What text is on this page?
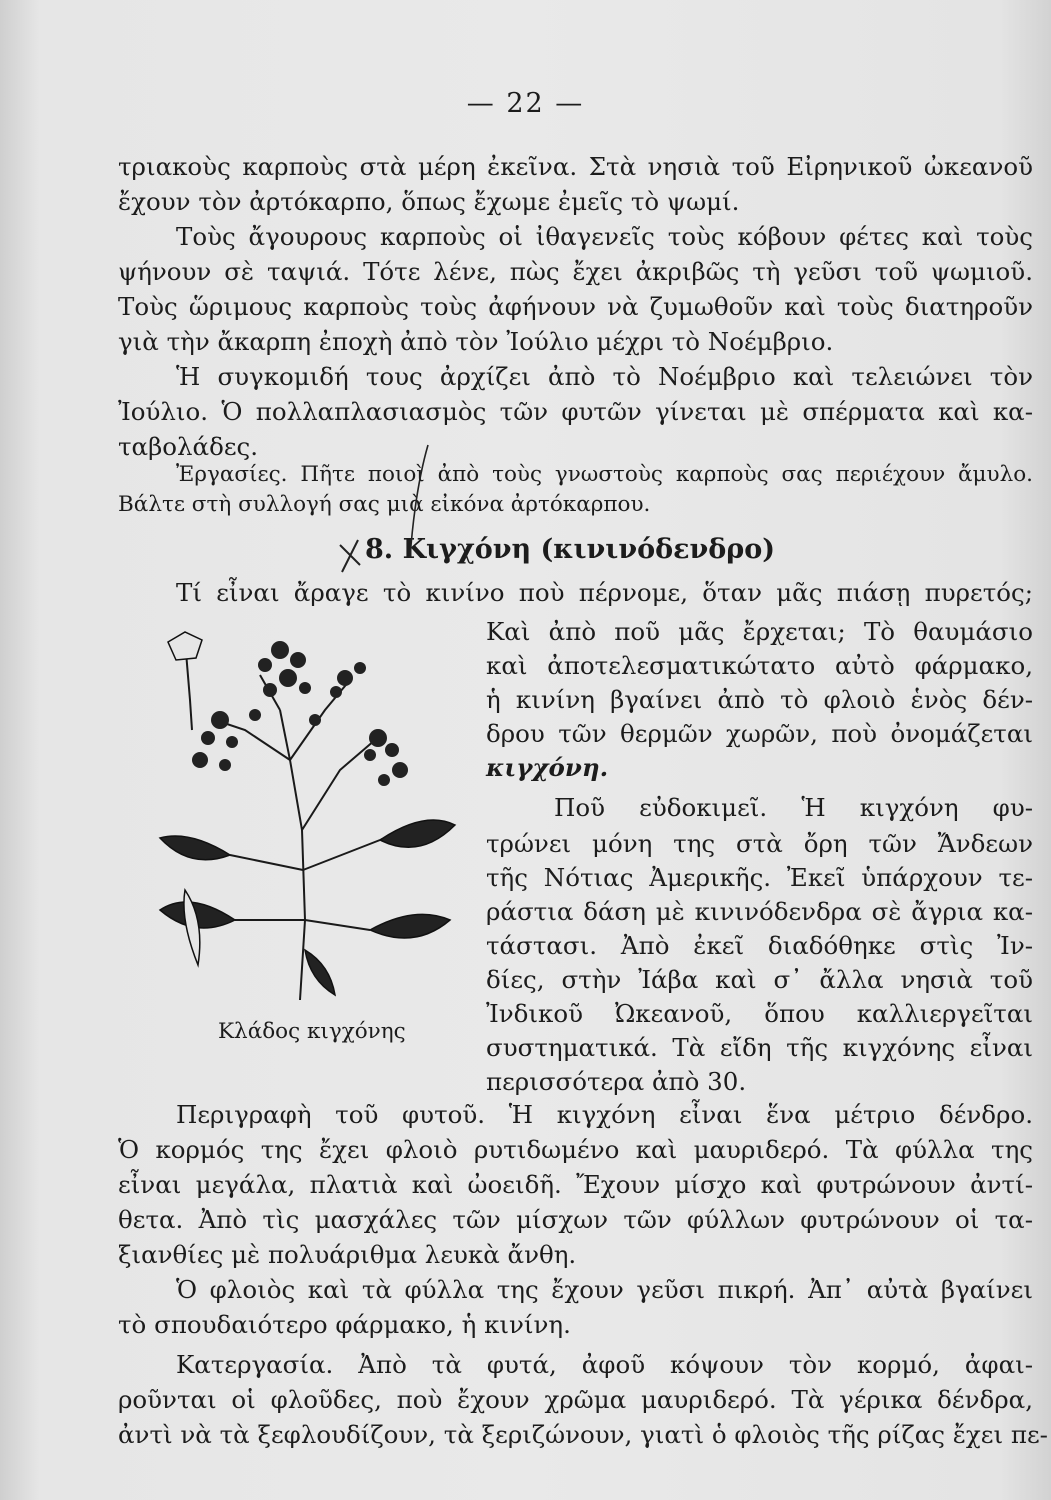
— 22 —
τριακοὺς καρποὺς στὰ μέρη ἐκεῖνα. Στὰ νησιὰ τοῦ Εἰρηνικοῦ ὠκεανοῦ
ἔχουν τὸν ἀρτόκαρπο, ὅπως ἔχωμε ἐμεῖς τὸ ψωμί.
Τοὺς ἄγουρους καρποὺς οἱ ἰθαγενεῖς τοὺς κόβουν φέτες καὶ τοὺς
ψήνουν σὲ ταψιά. Τότε λένε, πὼς ἔχει ἀκριβῶς τὴ γεῦσι τοῦ ψωμιοῦ.
Τοὺς ὥριμους καρποὺς τοὺς ἀφήνουν νὰ ζυμωθοῦν καὶ τοὺς διατηροῦν
γιὰ τὴν ἄκαρπη ἐποχὴ ἀπὸ τὸν Ἰούλιο μέχρι τὸ Νοέμβριο.
Ἡ συγκομιδή τους ἀρχίζει ἀπὸ τὸ Νοέμβριο καὶ τελειώνει τὸν
Ἰούλιο. Ὁ πολλαπλασιασμὸς τῶν φυτῶν γίνεται μὲ σπέρματα καὶ κα-
ταβολάδες.
Ἐργασίες. Πῆτε ποιοὶ ἀπὸ τοὺς γνωστοὺς καρποὺς σας περιέχουν ἄμυλο.
Βάλτε στὴ συλλογή σας μιὰ εἰκόνα ἀρτόκαρπου.
8. Κιγχόνη (κινινόδενδρο)
Τί εἶναι ἄραγε τὸ κινίνο ποὺ πέρνομε, ὅταν μᾶς πιάσῃ πυρετός;
Κλάδος κιγχόνης
Καὶ ἀπὸ ποῦ μᾶς ἔρχεται; Τὸ θαυμάσιο
καὶ ἀποτελεσματικώτατο αὐτὸ φάρμακο,
ἡ κινίνη βγαίνει ἀπὸ τὸ φλοιὸ ἑνὸς δέν-
δρου τῶν θερμῶν χωρῶν, ποὺ ὀνομάζεται
κιγχόνη.
Ποῦ εὐδοκιμεῖ. Ἡ κιγχόνη φυ-
τρώνει μόνη της στὰ ὄρη τῶν Ἄνδεων
τῆς Νότιας Ἀμερικῆς. Ἐκεῖ ὑπάρχουν τε-
ράστια δάση μὲ κινινόδενδρα σὲ ἄγρια κα-
τάστασι. Ἀπὸ ἐκεῖ διαδόθηκε στὶς Ἰν-
δίες, στὴν Ἰάβα καὶ σ᾽ ἄλλα νησιὰ τοῦ
Ἰνδικοῦ Ὠκεανοῦ, ὅπου καλλιεργεῖται
συστηματικά. Τὰ εἴδη τῆς κιγχόνης εἶναι
περισσότερα ἀπὸ 30.
Περιγραφὴ τοῦ φυτοῦ. Ἡ κιγχόνη εἶναι ἕνα μέτριο δένδρο.
Ὁ κορμός της ἔχει φλοιὸ ρυτιδωμένο καὶ μαυριδερό. Τὰ φύλλα της
εἶναι μεγάλα, πλατιὰ καὶ ὠοειδῆ. Ἔχουν μίσχο καὶ φυτρώνουν ἀντί-
θετα. Ἀπὸ τὶς μασχάλες τῶν μίσχων τῶν φύλλων φυτρώνουν οἱ τα-
ξιανθίες μὲ πολυάριθμα λευκὰ ἄνθη.
Ὁ φλοιὸς καὶ τὰ φύλλα της ἔχουν γεῦσι πικρή. Ἀπ᾽ αὐτὰ βγαίνει
τὸ σπουδαιότερο φάρμακο, ἡ κινίνη.
Κατεργασία. Ἀπὸ τὰ φυτά, ἀφοῦ κόψουν τὸν κορμό, ἀφαι-
ροῦνται οἱ φλοῦδες, ποὺ ἔχουν χρῶμα μαυριδερό. Τὰ γέρικα δένδρα,
ἀντὶ νὰ τὰ ξεφλουδίζουν, τὰ ξεριζώνουν, γιατὶ ὁ φλοιὸς τῆς ρίζας ἔχει πε-
